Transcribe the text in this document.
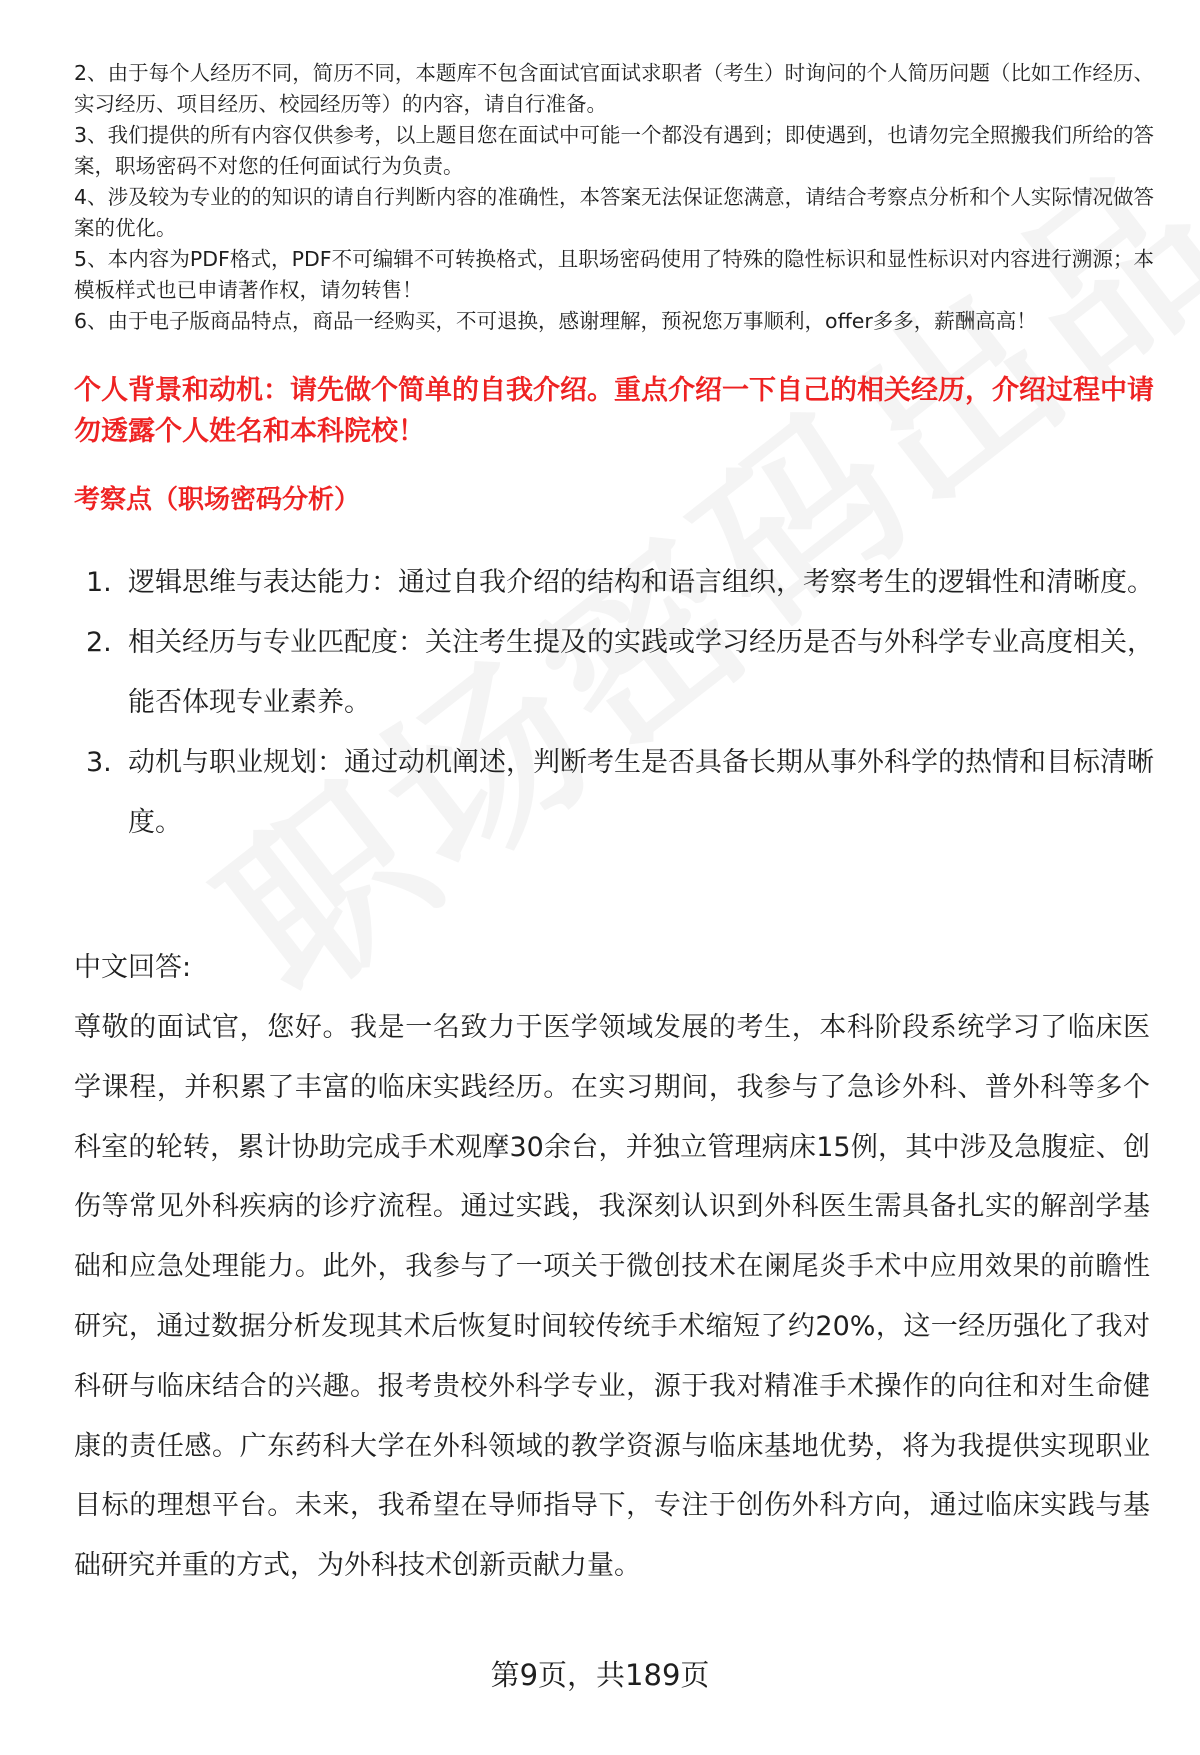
2、由于每个人经历不同，简历不同，本题库不包含面试官面试求职者（考生）时询问的个人简历问题（比如工作经历、实习经历、项目经历、校园经历等）的内容，请自行准备。

3、我们提供的所有内容仅供参考，以上题目您在面试中可能一个都没有遇到；即使遇到，也请勿完全照搬我们所给的答案，职场密码不对您的任何面试行为负责。

4、涉及较为专业的的知识的请自行判断内容的准确性，本答案无法保证您满意，请结合考察点分析和个人实际情况做答案的优化。

5、本内容为PDF格式，PDF不可编辑不可转换格式，且职场密码使用了特殊的隐性标识和显性标识对内容进行溯源；本模板样式也已申请著作权，请勿转售！

6、由于电子版商品特点，商品一经购买，不可退换，感谢理解，预祝您万事顺利，offer多多，薪酬高高！

个人背景和动机：请先做个简单的自我介绍。重点介绍一下自己的相关经历，介绍过程中请勿透露个人姓名和本科院校！
考察点（职场密码分析）
1. 逻辑思维与表达能力：通过自我介绍的结构和语言组织，考察考生的逻辑性和清晰度。
2. 相关经历与专业匹配度：关注考生提及的实践或学习经历是否与外科学专业高度相关，能否体现专业素养。
3. 动机与职业规划：通过动机阐述，判断考生是否具备长期从事外科学的热情和目标清晰度。

中文回答:

尊敬的面试官，您好。我是一名致力于医学领域发展的考生，本科阶段系统学习了临床医学课程，并积累了丰富的临床实践经历。在实习期间，我参与了急诊外科、普外科等多个科室的轮转，累计协助完成手术观摩30余台，并独立管理病床15例，其中涉及急腹症、创伤等常见外科疾病的诊疗流程。通过实践，我深刻认识到外科医生需具备扎实的解剖学基础和应急处理能力。此外，我参与了一项关于微创技术在阑尾炎手术中应用效果的前瞻性研究，通过数据分析发现其术后恢复时间较传统手术缩短了约20%，这一经历强化了我对科研与临床结合的兴趣。报考贵校外科学专业，源于我对精准手术操作的向往和对生命健康的责任感。广东药科大学在外科领域的教学资源与临床基地优势，将为我提供实现职业目标的理想平台。未来，我希望在导师指导下，专注于创伤外科方向，通过临床实践与基础研究并重的方式，为外科技术创新贡献力量。

第9页，共189页
